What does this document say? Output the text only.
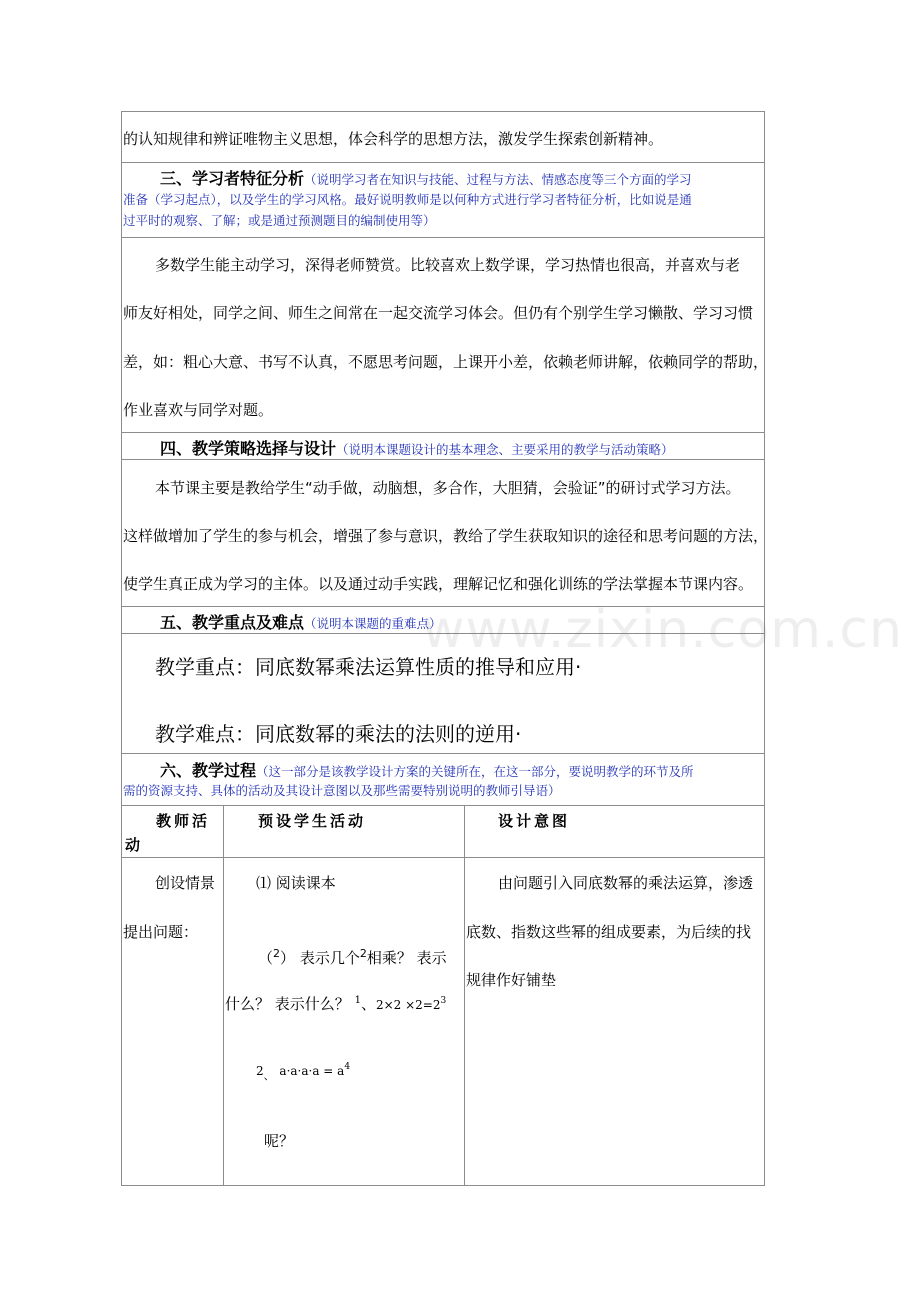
www.zixin.com.cn
的认知规律和辨证唯物主义思想，体会科学的思想方法，激发学生探索创新精神。
三、学习者特征分析（说明学习者在知识与技能、过程与方法、情感态度等三个方面的学习
准备（学习起点），以及学生的学习风格。最好说明教师是以何种方式进行学习者特征分析，比如说是通
过平时的观察、了解；或是通过预测题目的编制使用等）
多数学生能主动学习，深得老师赞赏。比较喜欢上数学课，学习热情也很高，并喜欢与老
师友好相处，同学之间、师生之间常在一起交流学习体会。但仍有个别学生学习懒散、学习习惯
差，如：粗心大意、书写不认真，不愿思考问题，上课开小差，依赖老师讲解，依赖同学的帮助，
作业喜欢与同学对题。
四、教学策略选择与设计（说明本课题设计的基本理念、主要采用的教学与活动策略）
本节课主要是教给学生“动手做，动脑想，多合作，大胆猜，会验证”的研讨式学习方法。
这样做增加了学生的参与机会，增强了参与意识，教给了学生获取知识的途径和思考问题的方法，
使学生真正成为学习的主体。以及通过动手实践，理解记忆和强化训练的学法掌握本节课内容。
五、教学重点及难点（说明本课题的重难点）
教学重点：同底数幂乘法运算性质的推导和应用·
教学难点：同底数幂的乘法的法则的逆用·
六、教学过程（这一部分是该教学设计方案的关键所在，在这一部分，要说明教学的环节及所
需的资源支持、具体的活动及其设计意图以及那些需要特别说明的教师引导语）
教师活
动
预设学生活动	设计意图
创设情景
提出问题：
⑴ 阅读课本
（$^2$） 表示几个$^2$相乘？ 表示
什么？ 表示什么？ $^1$、$2\times 2 \times 2=2^3$
$2_、$ $a\cdot a\cdot a\cdot a = a^4$
呢？
由问题引入同底数幂的乘法运算，渗透
底数、指数这些幂的组成要素，为后续的找
规律作好铺垫
